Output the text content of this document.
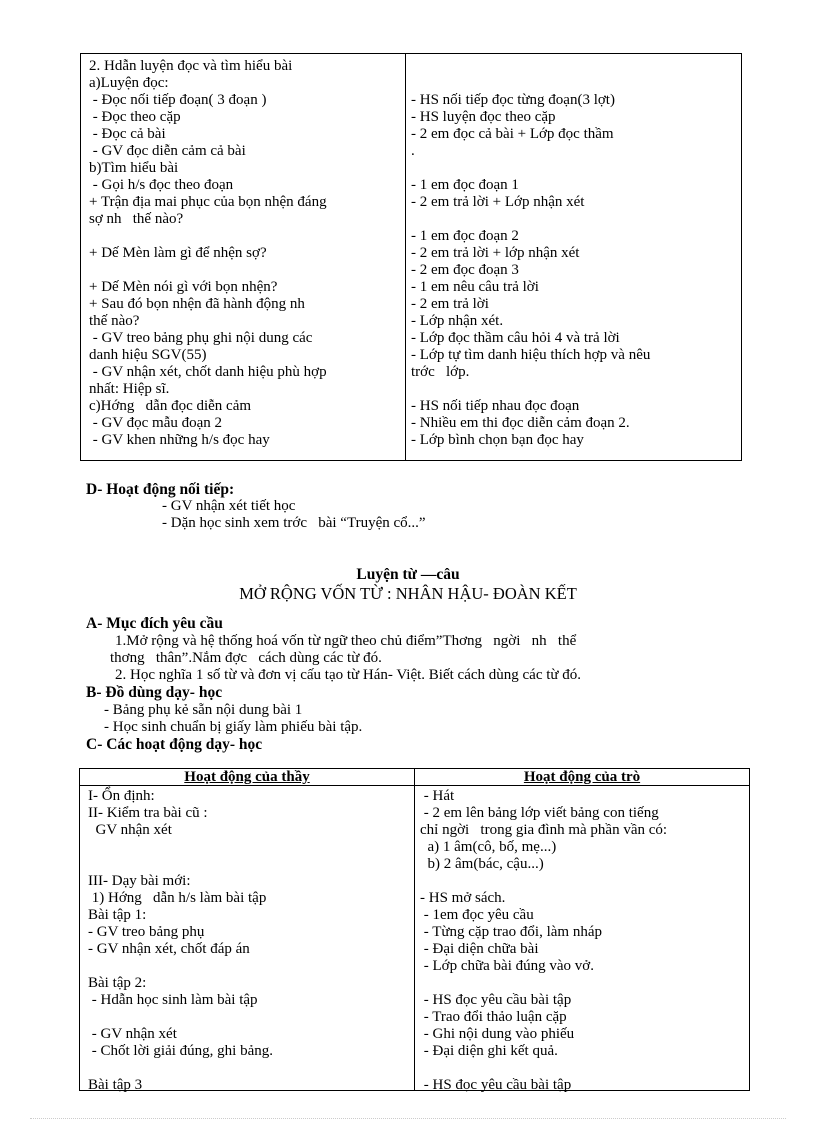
2. Hdẫn luyện đọc và tìm hiểu bài
a)Luyện đọc:
- Đọc nối tiếp đoạn( 3 đoạn )
- Đọc theo cặp
- Đọc cả bài
- GV đọc diễn cảm cả bài
b)Tìm hiểu bài
- Gọi h/s đọc theo đoạn
+ Trận địa mai phục của bọn nhện đáng
sợ nh   thế nào?
+ Dế Mèn làm gì để nhện sợ?
+ Dế Mèn nói gì với bọn nhện?
+ Sau đó bọn nhện đã hành động nh
thế nào?
- GV treo bảng phụ ghi nội dung các
danh hiệu SGV(55)
- GV nhận xét, chốt danh hiệu phù hợp
nhất: Hiệp sĩ.
c)Hớng   dẫn đọc diễn cảm
- GV đọc mẫu đoạn 2
- GV khen những h/s đọc hay
- HS nối tiếp đọc từng đoạn(3 lợt)
- HS luyện đọc theo cặp
- 2 em đọc cả bài + Lớp đọc thầm
.
- 1 em đọc đoạn 1
- 2 em trả lời + Lớp nhận xét
- 1 em đọc đoạn 2
- 2 em trả lời + lớp nhận xét
- 2 em đọc đoạn 3
- 1 em nêu câu trả lời
- 2 em trả lời
- Lớp nhận xét.
- Lớp đọc thầm câu hỏi 4 và trả lời
- Lớp tự tìm danh hiệu thích hợp và nêu
trớc   lớp.
- HS nối tiếp nhau đọc đoạn
- Nhiều em thi đọc diễn cảm đoạn 2.
- Lớp bình chọn bạn đọc hay
D- Hoạt động nối tiếp:
- GV nhận xét tiết học
- Dặn học sinh xem trớc   bài “Truyện cổ...”
Luyện từ —câu
MỞ RỘNG VỐN TỪ : NHÂN HẬU- ĐOÀN KẾT
A- Mục đích yêu cầu
1.Mở rộng và hệ thống hoá vốn từ ngữ theo chủ điểm”Thơng   ngời   nh   thể
thơng   thân”.Nắm đợc   cách dùng các từ đó.
2. Học nghĩa 1 số từ và đơn vị cấu tạo từ Hán- Việt. Biết cách dùng các từ đó.
B- Đồ dùng dạy- học
- Bảng phụ kẻ sẵn nội dung bài 1
- Học sinh chuẩn bị giấy làm phiếu bài tập.
C- Các hoạt động dạy- học
Hoạt động của thầy	Hoạt động của trò
I- Ổn định:
II- Kiểm tra bài cũ :
GV nhận xét
III- Dạy bài mới:
1) Hớng   dẫn h/s làm bài tập
Bài tập 1:
- GV treo bảng phụ
- GV nhận xét, chốt đáp án
Bài tập 2:
- Hdẫn học sinh làm bài tập
- GV nhận xét
- Chốt lời giải đúng, ghi bảng.
Bài tập 3
- Hát
- 2 em lên bảng lớp viết bảng con tiếng
chỉ ngời   trong gia đình mà phần vần có:
a) 1 âm(cô, bố, mẹ...)
b) 2 âm(bác, cậu...)
- HS mở sách.
- 1em đọc yêu cầu
- Từng cặp trao đổi, làm nháp
- Đại diện chữa bài
- Lớp chữa bài đúng vào vở.
- HS đọc yêu cầu bài tập
- Trao đổi thảo luận cặp
- Ghi nội dung vào phiếu
- Đại diện ghi kết quả.
- HS đọc yêu cầu bài tập
